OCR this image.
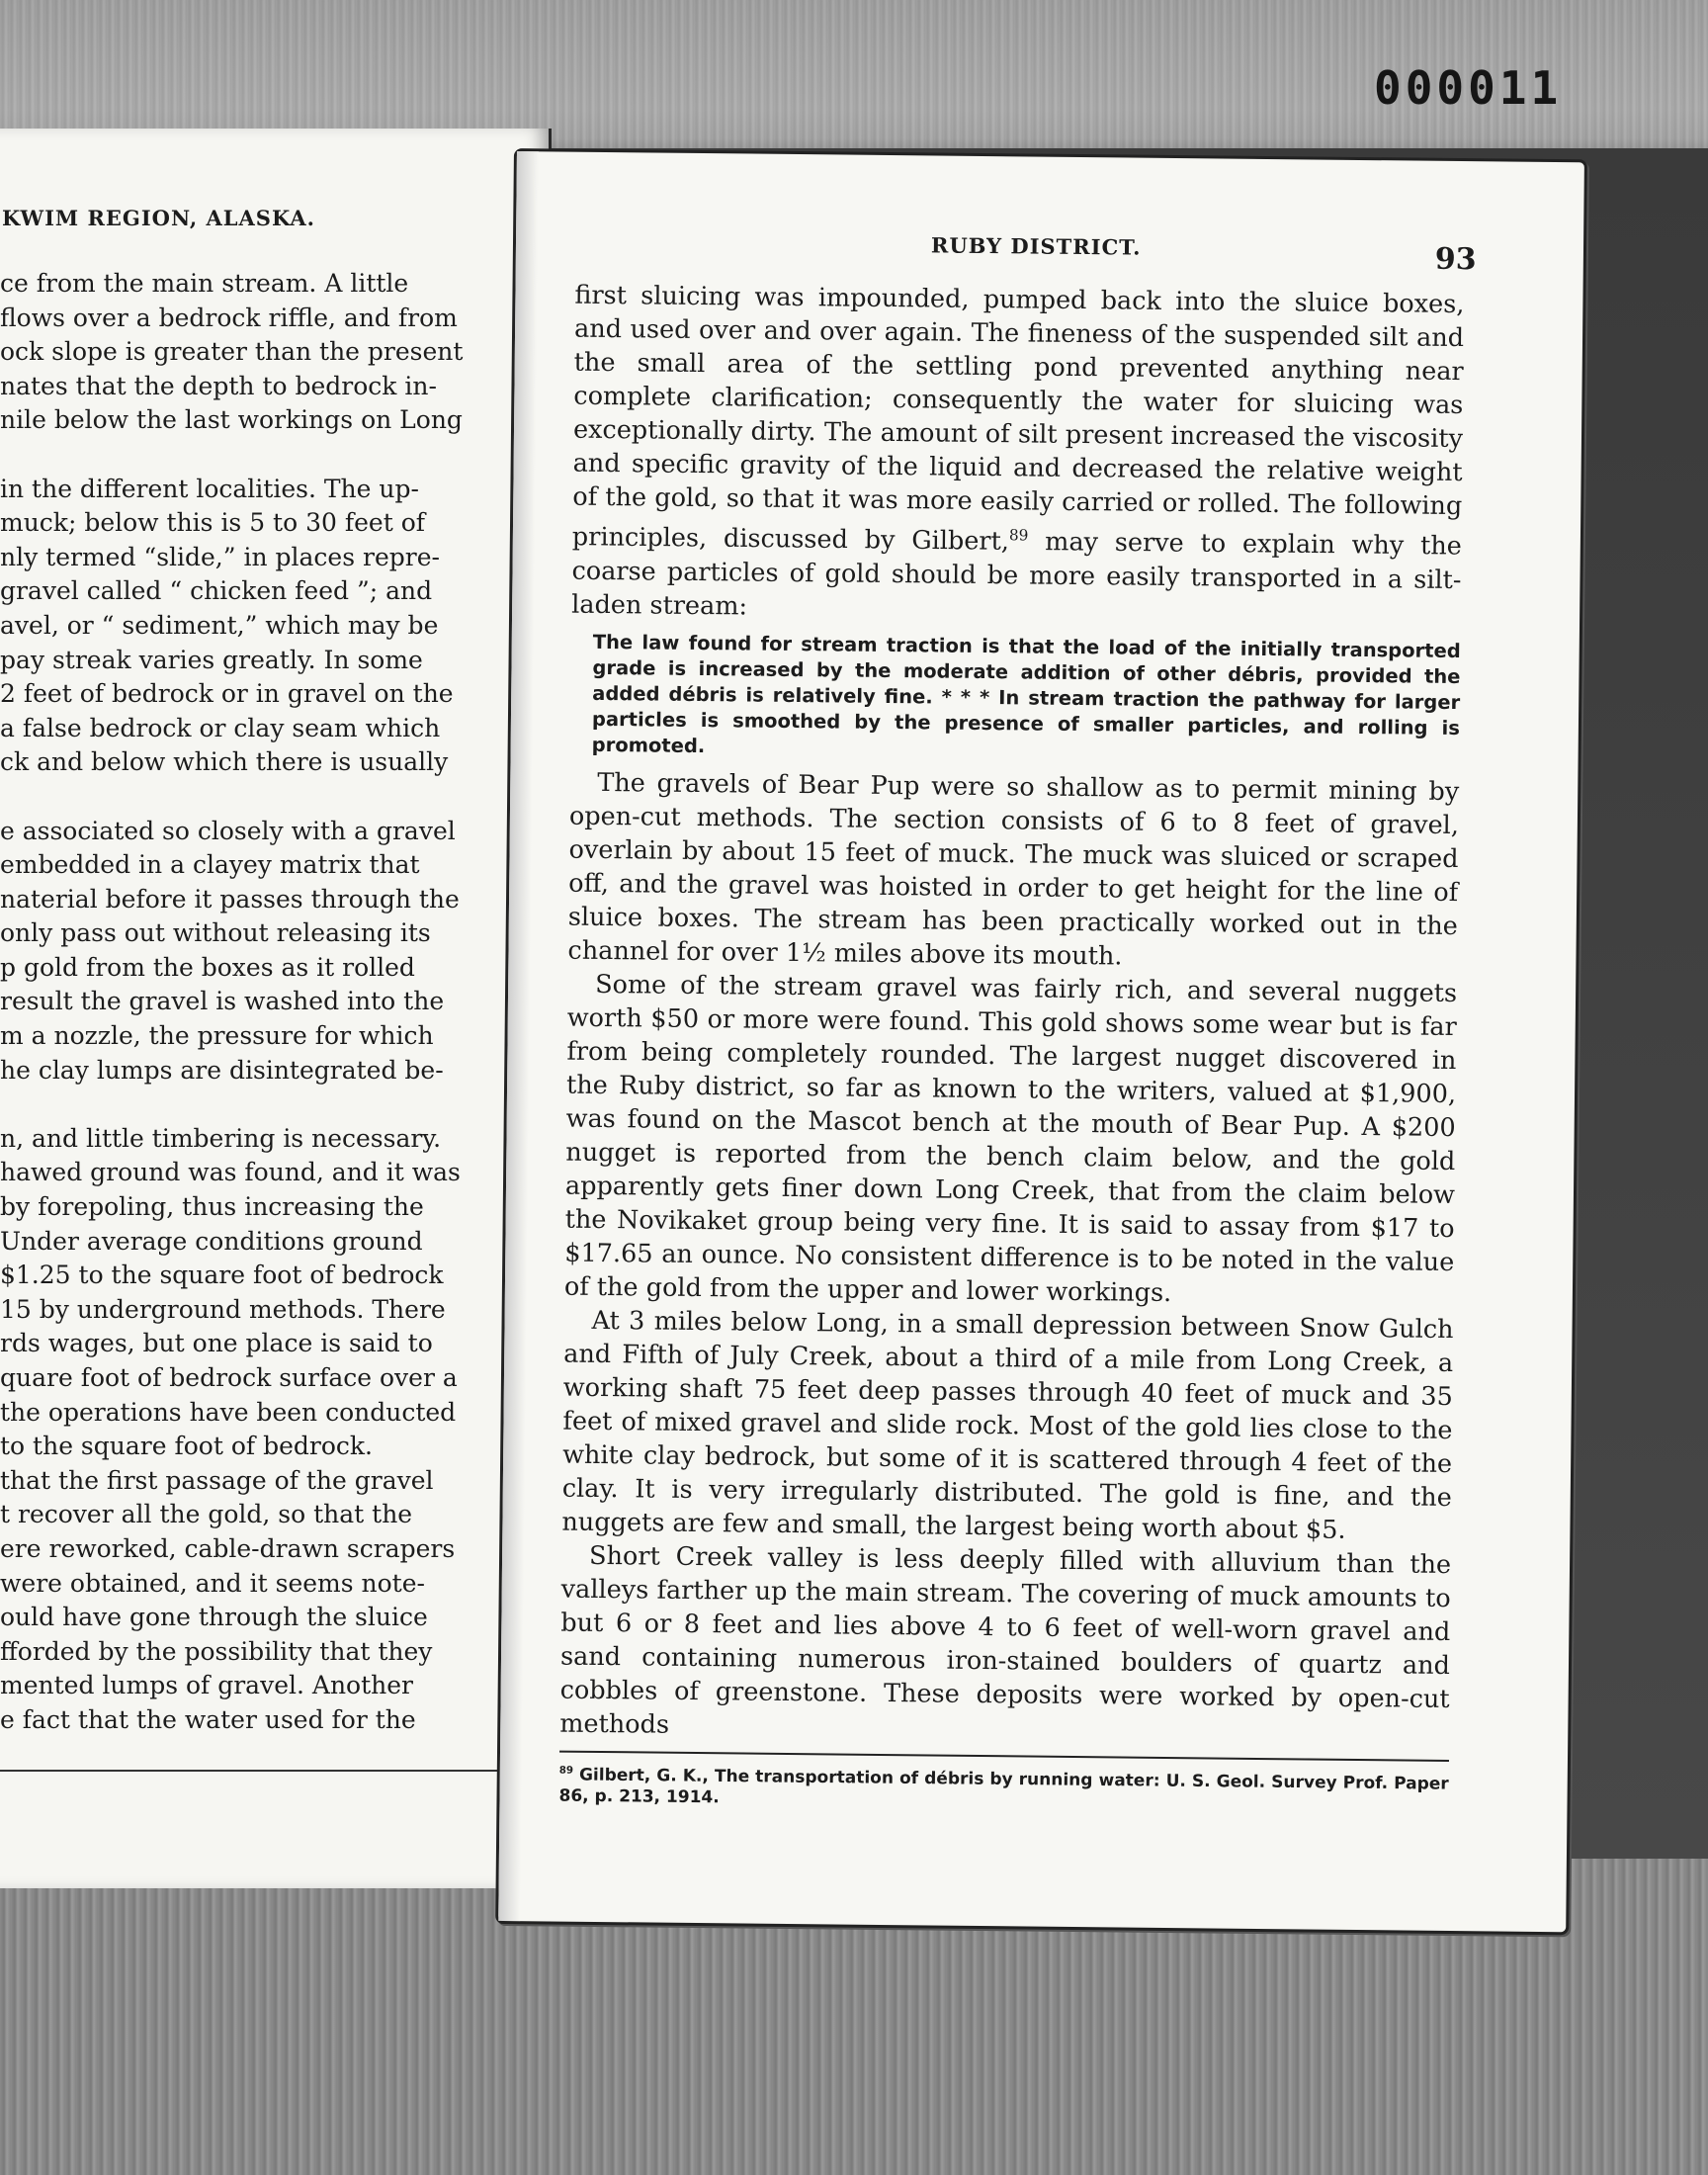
000011
KWIM REGION, ALASKA.
ce from the main stream. A little
flows over a bedrock riffle, and from
ock slope is greater than the present
nates that the depth to bedrock in-
nile below the last workings on Long
in the different localities. The up-
muck; below this is 5 to 30 feet of
nly termed “slide,” in places repre-
gravel called “ chicken feed ”; and
avel, or “ sediment,” which may be
pay streak varies greatly. In some
2 feet of bedrock or in gravel on the
a false bedrock or clay seam which
ck and below which there is usually
e associated so closely with a gravel
embedded in a clayey matrix that
naterial before it passes through the
only pass out without releasing its
p gold from the boxes as it rolled
result the gravel is washed into the
m a nozzle, the pressure for which
he clay lumps are disintegrated be-
n, and little timbering is necessary.
hawed ground was found, and it was
by forepoling, thus increasing the
Under average conditions ground
$1.25 to the square foot of bedrock
15 by underground methods. There
rds wages, but one place is said to
quare foot of bedrock surface over a
the operations have been conducted
to the square foot of bedrock.
that the first passage of the gravel
t recover all the gold, so that the
ere reworked, cable-drawn scrapers
were obtained, and it seems note-
ould have gone through the sluice
fforded by the possibility that they
mented lumps of gravel. Another
e fact that the water used for the
RUBY DISTRICT.	93

first sluicing was impounded, pumped back into the sluice boxes, and used over and over again. The fineness of the suspended silt and the small area of the settling pond prevented anything near complete clarification; consequently the water for sluicing was exceptionally dirty. The amount of silt present increased the viscosity and specific gravity of the liquid and decreased the relative weight of the gold, so that it was more easily carried or rolled. The following principles, discussed by Gilbert,$^{89}$ may serve to explain why the coarse particles of gold should be more easily transported in a silt-laden stream:

The law found for stream traction is that the load of the initially transported grade is increased by the moderate addition of other débris, provided the added débris is relatively fine. * * * In stream traction the pathway for larger particles is smoothed by the presence of smaller particles, and rolling is promoted.

The gravels of Bear Pup were so shallow as to permit mining by open-cut methods. The section consists of 6 to 8 feet of gravel, overlain by about 15 feet of muck. The muck was sluiced or scraped off, and the gravel was hoisted in order to get height for the line of sluice boxes. The stream has been practically worked out in the channel for over 1½ miles above its mouth.

Some of the stream gravel was fairly rich, and several nuggets worth $50 or more were found. This gold shows some wear but is far from being completely rounded. The largest nugget discovered in the Ruby district, so far as known to the writers, valued at $1,900, was found on the Mascot bench at the mouth of Bear Pup. A $200 nugget is reported from the bench claim below, and the gold apparently gets finer down Long Creek, that from the claim below the Novikaket group being very fine. It is said to assay from $17 to $17.65 an ounce. No consistent difference is to be noted in the value of the gold from the upper and lower workings.

At 3 miles below Long, in a small depression between Snow Gulch and Fifth of July Creek, about a third of a mile from Long Creek, a working shaft 75 feet deep passes through 40 feet of muck and 35 feet of mixed gravel and slide rock. Most of the gold lies close to the white clay bedrock, but some of it is scattered through 4 feet of the clay. It is very irregularly distributed. The gold is fine, and the nuggets are few and small, the largest being worth about $5.

Short Creek valley is less deeply filled with alluvium than the valleys farther up the main stream. The covering of muck amounts to but 6 or 8 feet and lies above 4 to 6 feet of well-worn gravel and sand containing numerous iron-stained boulders of quartz and cobbles of greenstone. These deposits were worked by open-cut methods

$^{89}$ Gilbert, G. K., The transportation of débris by running water: U. S. Geol. Survey Prof. Paper 86, p. 213, 1914.
